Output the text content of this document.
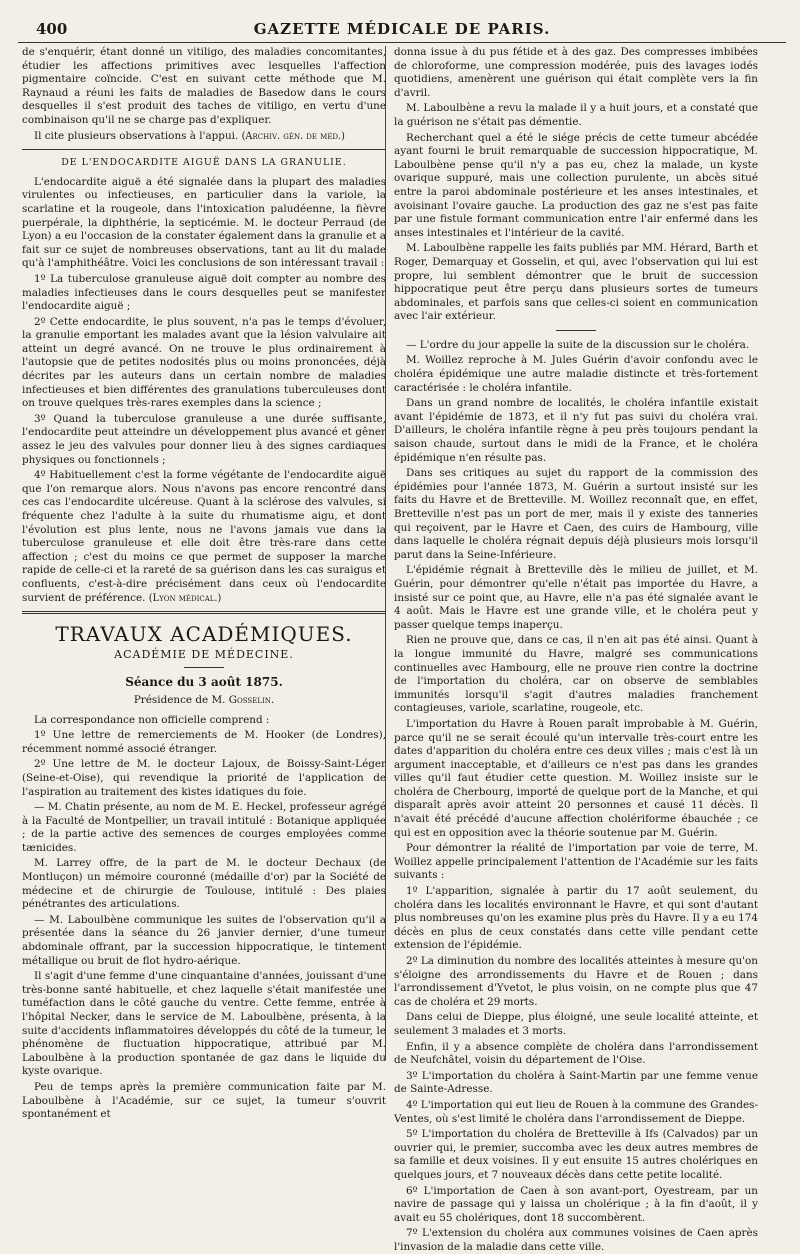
400	GAZETTE MÉDICALE DE PARIS.

de s'enquérir, étant donné un vitiligo, des maladies concomitantes, étudier les affections primitives avec lesquelles l'affection pigmentaire coïncide. C'est en suivant cette méthode que M. Raynaud a réuni les faits de maladies de Basedow dans le cours desquelles il s'est produit des taches de vitiligo, en vertu d'une combinaison qu'il ne se charge pas d'expliquer.

Il cite plusieurs observations à l'appui. (Archiv. gén. de méd.)

DE L'ENDOCARDITE AIGUË DANS LA GRANULIE.

L'endocardite aiguë a été signalée dans la plupart des maladies virulentes ou infectieuses, en particulier dans la variole, la scarlatine et la rougeole, dans l'intoxication paludéenne, la fièvre puerpérale, la diphthérie, la septicémie. M. le docteur Perraud (de Lyon) a eu l'occasion de la constater également dans la granulie et a fait sur ce sujet de nombreuses observations, tant au lit du malade qu'à l'amphithéâtre. Voici les conclusions de son intéressant travail :

1º La tuberculose granuleuse aiguë doit compter au nombre des maladies infectieuses dans le cours desquelles peut se manifester l'endocardite aiguë ;

2º Cette endocardite, le plus souvent, n'a pas le temps d'évoluer, la granulie emportant les malades avant que la lésion valvulaire ait atteint un degré avancé. On ne trouve le plus ordinairement à l'autopsie que de petites nodosités plus ou moins prononcées, déjà décrites par les auteurs dans un certain nombre de maladies infectieuses et bien différentes des granulations tuberculeuses dont on trouve quelques très-rares exemples dans la science ;

3º Quand la tuberculose granuleuse a une durée suffisante, l'endocardite peut atteindre un développement plus avancé et gêner assez le jeu des valvules pour donner lieu à des signes cardiaques physiques ou fonctionnels ;

4º Habituellement c'est la forme végétante de l'endocardite aiguë que l'on remarque alors. Nous n'avons pas encore rencontré dans ces cas l'endocardite ulcéreuse. Quant à la sclérose des valvules, si fréquente chez l'adulte à la suite du rhumatisme aigu, et dont l'évolution est plus lente, nous ne l'avons jamais vue dans la tuberculose granuleuse et elle doit être très-rare dans cette affection ; c'est du moins ce que permet de supposer la marche rapide de celle-ci et la rareté de sa guérison dans les cas suraigus et confluents, c'est-à-dire précisément dans ceux où l'endocardite survient de préférence. (Lyon médical.)

TRAVAUX ACADÉMIQUES.
ACADÉMIE DE MÉDECINE.
Séance du 3 août 1875.
Présidence de M. Gosselin.

La correspondance non officielle comprend :

1º Une lettre de remerciements de M. Hooker (de Londres), récemment nommé associé étranger.

2º Une lettre de M. le docteur Lajoux, de Boissy-Saint-Léger (Seine-et-Oise), qui revendique la priorité de l'application de l'aspiration au traitement des kistes idatiques du foie.

— M. Chatin présente, au nom de M. E. Heckel, professeur agrégé à la Faculté de Montpellier, un travail intitulé : Botanique appliquée ; de la partie active des semences de courges employées comme tænicides.

M. Larrey offre, de la part de M. le docteur Dechaux (de Montluçon) un mémoire couronné (médaille d'or) par la Société de médecine et de chirurgie de Toulouse, intitulé : Des plaies pénétrantes des articulations.

— M. Laboulbène communique les suites de l'observation qu'il a présentée dans la séance du 26 janvier dernier, d'une tumeur abdominale offrant, par la succession hippocratique, le tintement métallique ou bruit de flot hydro-aérique.

Il s'agit d'une femme d'une cinquantaine d'années, jouissant d'une très-bonne santé habituelle, et chez laquelle s'était manifestée une tuméfaction dans le côté gauche du ventre. Cette femme, entrée à l'hôpital Necker, dans le service de M. Laboulbène, présenta, à la suite d'accidents inflammatoires développés du côté de la tumeur, le phénomène de fluctuation hippocratique, attribué par M. Laboulbène à la production spontanée de gaz dans le liquide du kyste ovarique.

Peu de temps après la première communication faite par M. Laboulbène à l'Académie, sur ce sujet, la tumeur s'ouvrit spontanément et

donna issue à du pus fétide et à des gaz. Des compresses imbibées de chloroforme, une compression modérée, puis des lavages iodés quotidiens, amenèrent une guérison qui était complète vers la fin d'avril.

M. Laboulbène a revu la malade il y a huit jours, et a constaté que la guérison ne s'était pas démentie.

Recherchant quel a été le siége précis de cette tumeur abcédée ayant fourni le bruit remarquable de succession hippocratique, M. Laboulbène pense qu'il n'y a pas eu, chez la malade, un kyste ovarique suppuré, mais une collection purulente, un abcès situé entre la paroi abdominale postérieure et les anses intestinales, et avoisinant l'ovaire gauche. La production des gaz ne s'est pas faite par une fistule formant communication entre l'air enfermé dans les anses intestinales et l'intérieur de la cavité.

M. Laboulbène rappelle les faits publiés par MM. Hérard, Barth et Roger, Demarquay et Gosselin, et qui, avec l'observation qui lui est propre, lui semblent démontrer que le bruit de succession hippocratique peut être perçu dans plusieurs sortes de tumeurs abdominales, et parfois sans que celles-ci soient en communication avec l'air extérieur.

— L'ordre du jour appelle la suite de la discussion sur le choléra.

M. Woillez reproche à M. Jules Guérin d'avoir confondu avec le choléra épidémique une autre maladie distincte et très-fortement caractérisée : le choléra infantile.

Dans un grand nombre de localités, le choléra infantile existait avant l'épidémie de 1873, et il n'y fut pas suivi du choléra vrai. D'ailleurs, le choléra infantile règne à peu près toujours pendant la saison chaude, surtout dans le midi de la France, et le choléra épidémique n'en résulte pas.

Dans ses critiques au sujet du rapport de la commission des épidémies pour l'année 1873, M. Guérin a surtout insisté sur les faits du Havre et de Bretteville. M. Woillez reconnaît que, en effet, Bretteville n'est pas un port de mer, mais il y existe des tanneries qui reçoivent, par le Havre et Caen, des cuirs de Hambourg, ville dans laquelle le choléra régnait depuis déjà plusieurs mois lorsqu'il parut dans la Seine-Inférieure.

L'épidémie régnait à Bretteville dès le milieu de juillet, et M. Guérin, pour démontrer qu'elle n'était pas importée du Havre, a insisté sur ce point que, au Havre, elle n'a pas été signalée avant le 4 août. Mais le Havre est une grande ville, et le choléra peut y passer quelque temps inaperçu.

Rien ne prouve que, dans ce cas, il n'en ait pas été ainsi. Quant à la longue immunité du Havre, malgré ses communications continuelles avec Hambourg, elle ne prouve rien contre la doctrine de l'importation du choléra, car on observe de semblables immunités lorsqu'il s'agit d'autres maladies franchement contagieuses, variole, scarlatine, rougeole, etc.

L'importation du Havre à Rouen paraît improbable à M. Guérin, parce qu'il ne se serait écoulé qu'un intervalle très-court entre les dates d'apparition du choléra entre ces deux villes ; mais c'est là un argument inacceptable, et d'ailleurs ce n'est pas dans les grandes villes qu'il faut étudier cette question. M. Woillez insiste sur le choléra de Cherbourg, importé de quelque port de la Manche, et qui disparaît après avoir atteint 20 personnes et causé 11 décès. Il n'avait été précédé d'aucune affection cholériforme ébauchée ; ce qui est en opposition avec la théorie soutenue par M. Guérin.

Pour démontrer la réalité de l'importation par voie de terre, M. Woillez appelle principalement l'attention de l'Académie sur les faits suivants :

1º L'apparition, signalée à partir du 17 août seulement, du choléra dans les localités environnant le Havre, et qui sont d'autant plus nombreuses qu'on les examine plus près du Havre. Il y a eu 174 décès en plus de ceux constatés dans cette ville pendant cette extension de l'épidémie.

2º La diminution du nombre des localités atteintes à mesure qu'on s'éloigne des arrondissements du Havre et de Rouen ; dans l'arrondissement d'Yvetot, le plus voisin, on ne compte plus que 47 cas de choléra et 29 morts.

Dans celui de Dieppe, plus éloigné, une seule localité atteinte, et seulement 3 malades et 3 morts.

Enfin, il y a absence complète de choléra dans l'arrondissement de Neufchâtel, voisin du département de l'Oise.

3º L'importation du choléra à Saint-Martin par une femme venue de Sainte-Adresse.

4º L'importation qui eut lieu de Rouen à la commune des Grandes-Ventes, où s'est limité le choléra dans l'arrondissement de Dieppe.

5º L'importation du choléra de Bretteville à Ifs (Calvados) par un ouvrier qui, le premier, succomba avec les deux autres membres de sa famille et deux voisines. Il y eut ensuite 15 autres cholériques en quelques jours, et 7 nouveaux décès dans cette petite localité.

6º L'importation de Caen à son avant-port, Oyestream, par un navire de passage qui y laissa un cholérique ; à la fin d'août, il y avait eu 55 cholériques, dont 18 succombèrent.

7º L'extension du choléra aux communes voisines de Caen après l'invasion de la maladie dans cette ville.
